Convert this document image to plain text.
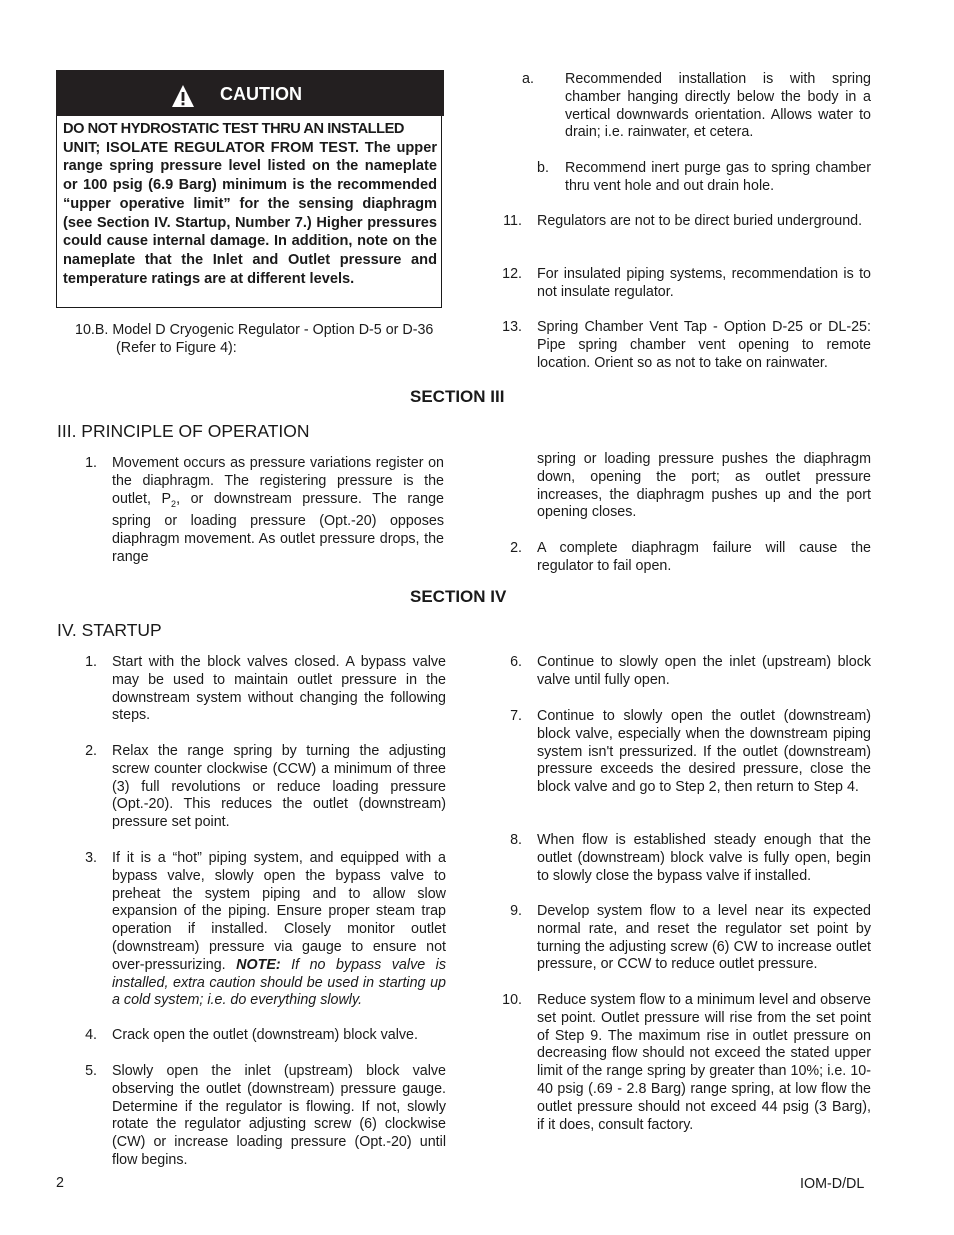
CAUTION
DO NOT HYDROSTATIC TEST THRU AN INSTALLED
UNIT; ISOLATE REGULATOR FROM TEST. The upper range spring pressure level listed on the nameplate or 100 psig (6.9 Barg) minimum is the recommended “upper operative limit” for the sensing diaphragm (see Section IV. Startup, Number 7.) Higher pressures could cause internal damage. In addition, note on the nameplate that the Inlet and Outlet pressure and temperature ratings are at different levels.
10.B. Model D Cryogenic Regulator - Option D-5 or D-36
(Refer to Figure 4):
a.	Recommended installation is with spring chamber hanging directly below the body in a vertical downwards orientation. Allows water to drain; i.e. rainwater, et cetera.
b.	Recommend inert purge gas to spring chamber thru vent hole and out drain hole.
11. Regulators are not to be direct buried underground.
12. For insulated piping systems, recommendation is to not insulate regulator.
13. Spring Chamber Vent Tap - Option D-25 or DL-25: Pipe spring chamber vent opening to remote location. Orient so as not to take on rainwater.
SECTION III
III. PRINCIPLE OF OPERATION
1. Movement occurs as pressure variations register on the diaphragm. The registering pressure is the outlet, $P_2$, or downstream pressure. The range spring or loading pressure (Opt.-20) opposes diaphragm movement. As outlet pressure drops, the range
spring or loading pressure pushes the diaphragm down, opening the port; as outlet pressure increases, the diaphragm pushes up and the port opening closes.
2. A complete diaphragm failure will cause the regulator to fail open.
SECTION IV
IV. STARTUP
1. Start with the block valves closed. A bypass valve may be used to maintain outlet pressure in the downstream system without changing the following steps.
2. Relax the range spring by turning the adjusting screw counter clockwise (CCW) a minimum of three (3) full revolutions or reduce loading pressure (Opt.-20). This reduces the outlet (downstream) pressure set point.
3. If it is a “hot” piping system, and equipped with a bypass valve, slowly open the bypass valve to preheat the system piping and to allow slow expansion of the piping. Ensure proper steam trap operation if installed. Closely monitor outlet (downstream) pressure via gauge to ensure not over-pressurizing. NOTE: If no bypass valve is installed, extra caution should be used in starting up a cold system; i.e. do everything slowly.
4. Crack open the outlet (downstream) block valve.
5. Slowly open the inlet (upstream) block valve observing the outlet (downstream) pressure gauge. Determine if the regulator is flowing. If not, slowly rotate the regulator adjusting screw (6) clockwise (CW) or increase loading pressure (Opt.-20) until flow begins.
6. Continue to slowly open the inlet (upstream) block valve until fully open.
7. Continue to slowly open the outlet (downstream) block valve, especially when the downstream piping system isn't pressurized. If the outlet (downstream) pressure exceeds the desired pressure, close the block valve and go to Step 2, then return to Step 4.
8. When flow is established steady enough that the outlet (downstream) block valve is fully open, begin to slowly close the bypass valve if installed.
9. Develop system flow to a level near its expected normal rate, and reset the regulator set point by turning the adjusting screw (6) CW to increase outlet pressure, or CCW to reduce outlet pressure.
10. Reduce system flow to a minimum level and observe set point. Outlet pressure will rise from the set point of Step 9. The maximum rise in outlet pressure on decreasing flow should not exceed the stated upper limit of the range spring by greater than 10%; i.e. 10-40 psig (.69 - 2.8 Barg) range spring, at low flow the outlet pressure should not exceed 44 psig (3 Barg), if it does, consult factory.
2	IOM-D/DL
